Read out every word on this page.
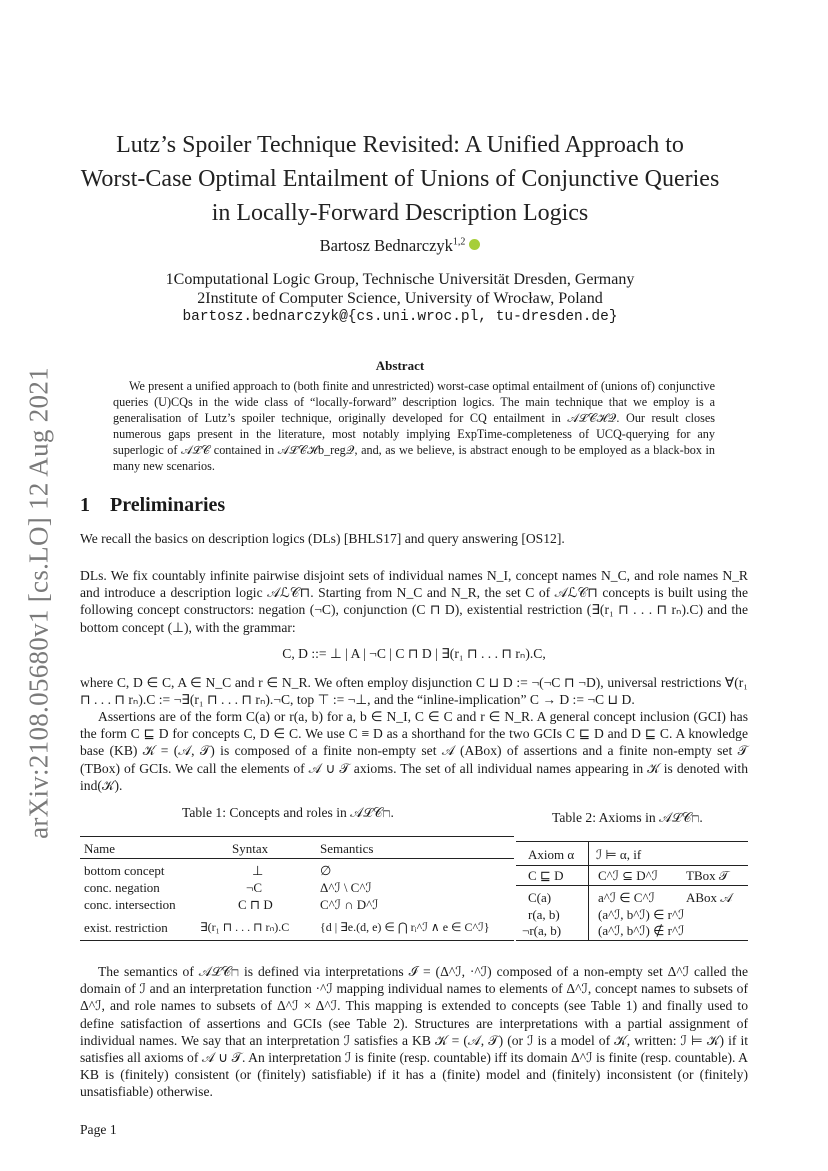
arXiv:2108.05680v1 [cs.LO] 12 Aug 2021
Lutz’s Spoiler Technique Revisited: A Unified Approach to
Worst-Case Optimal Entailment of Unions of Conjunctive Queries
in Locally-Forward Description Logics
Bartosz Bednarczyk$^{1,2}$
1Computational Logic Group, Technische Universität Dresden, Germany
2Institute of Computer Science, University of Wrocław, Poland
bartosz.bednarczyk@{cs.uni.wroc.pl, tu-dresden.de}
Abstract
We present a unified approach to (both finite and unrestricted) worst-case optimal entailment of (unions of) conjunctive queries (U)CQs in the wide class of “locally-forward” description logics. The main technique that we employ is a generalisation of Lutz’s spoiler technique, originally developed for CQ entailment in 𝒜ℒ𝒞ℋ𝒬. Our result closes numerous gaps present in the literature, most notably implying ExpTime-completeness of UCQ-querying for any superlogic of 𝒜ℒ𝒞 contained in 𝒜ℒ𝒞ℋb_reg𝒬, and, as we believe, is abstract enough to be employed as a black-box in many new scenarios.
1 Preliminaries
We recall the basics on description logics (DLs) [BHLS17] and query answering [OS12].
DLs. We fix countably infinite pairwise disjoint sets of individual names N_I, concept names N_C, and role names N_R and introduce a description logic 𝒜ℒ𝒞⊓. Starting from N_C and N_R, the set C of 𝒜ℒ𝒞⊓ concepts is built using the following concept constructors: negation (¬C), conjunction (C ⊓ D), existential restriction (∃(r₁ ⊓ . . . ⊓ rₙ).C) and the bottom concept (⊥), with the grammar:
C, D ::= ⊥ | A | ¬C | C ⊓ D | ∃(r₁ ⊓ . . . ⊓ rₙ).C,
where C, D ∈ C, A ∈ N_C and r ∈ N_R. We often employ disjunction C ⊔ D := ¬(¬C ⊓ ¬D), universal restrictions ∀(r₁ ⊓ . . . ⊓ rₙ).C := ¬∃(r₁ ⊓ . . . ⊓ rₙ).¬C, top ⊤ := ¬⊥, and the “inline-implication” C → D := ¬C ⊔ D.
Assertions are of the form C(a) or r(a, b) for a, b ∈ N_I, C ∈ C and r ∈ N_R. A general concept inclusion (GCI) has the form C ⊑ D for concepts C, D ∈ C. We use C ≡ D as a shorthand for the two GCIs C ⊑ D and D ⊑ C. A knowledge base (KB) 𝒦 = (𝒜, 𝒯) is composed of a finite non-empty set 𝒜 (ABox) of assertions and a finite non-empty set 𝒯 (TBox) of GCIs. We call the elements of 𝒜 ∪ 𝒯 axioms. The set of all individual names appearing in 𝒦 is denoted with ind(𝒦).
Table 1: Concepts and roles in 𝒜ℒ𝒞⊓.
Name	Syntax	Semantics
bottom concept	⊥	∅
conc. negation	¬C	Δ^ℐ \ C^ℐ
conc. intersection	C ⊓ D	C^ℐ ∩ D^ℐ
exist. restriction	∃(r₁ ⊓ . . . ⊓ rₙ).C	{d | ∃e.(d, e) ∈ ⋂ rᵢ^ℐ ∧ e ∈ C^ℐ}
Table 2: Axioms in 𝒜ℒ𝒞⊓.
Axiom α ℐ ⊨ α, if
C ⊑ D	C^ℐ ⊆ D^ℐ TBox 𝒯
C(a)	a^ℐ ∈ C^ℐ ABox 𝒜
r(a, b)	(a^ℐ, b^ℐ) ∈ r^ℐ
¬r(a, b)	(a^ℐ, b^ℐ) ∉ r^ℐ
The semantics of 𝒜ℒ𝒞⊓ is defined via interpretations ℐ = (Δ^ℐ, ·^ℐ) composed of a non-empty set Δ^ℐ called the domain of ℐ and an interpretation function ·^ℐ mapping individual names to elements of Δ^ℐ, concept names to subsets of Δ^ℐ, and role names to subsets of Δ^ℐ × Δ^ℐ. This mapping is extended to concepts (see Table 1) and finally used to define satisfaction of assertions and GCIs (see Table 2). Structures are interpretations with a partial assignment of individual names. We say that an interpretation ℐ satisfies a KB 𝒦 = (𝒜, 𝒯) (or ℐ is a model of 𝒦, written: ℐ ⊨ 𝒦) if it satisfies all axioms of 𝒜 ∪ 𝒯. An interpretation ℐ is finite (resp. countable) iff its domain Δ^ℐ is finite (resp. countable). A KB is (finitely) consistent (or (finitely) satisfiable) if it has a (finite) model and (finitely) inconsistent (or (finitely) unsatisfiable) otherwise.
Page 1
